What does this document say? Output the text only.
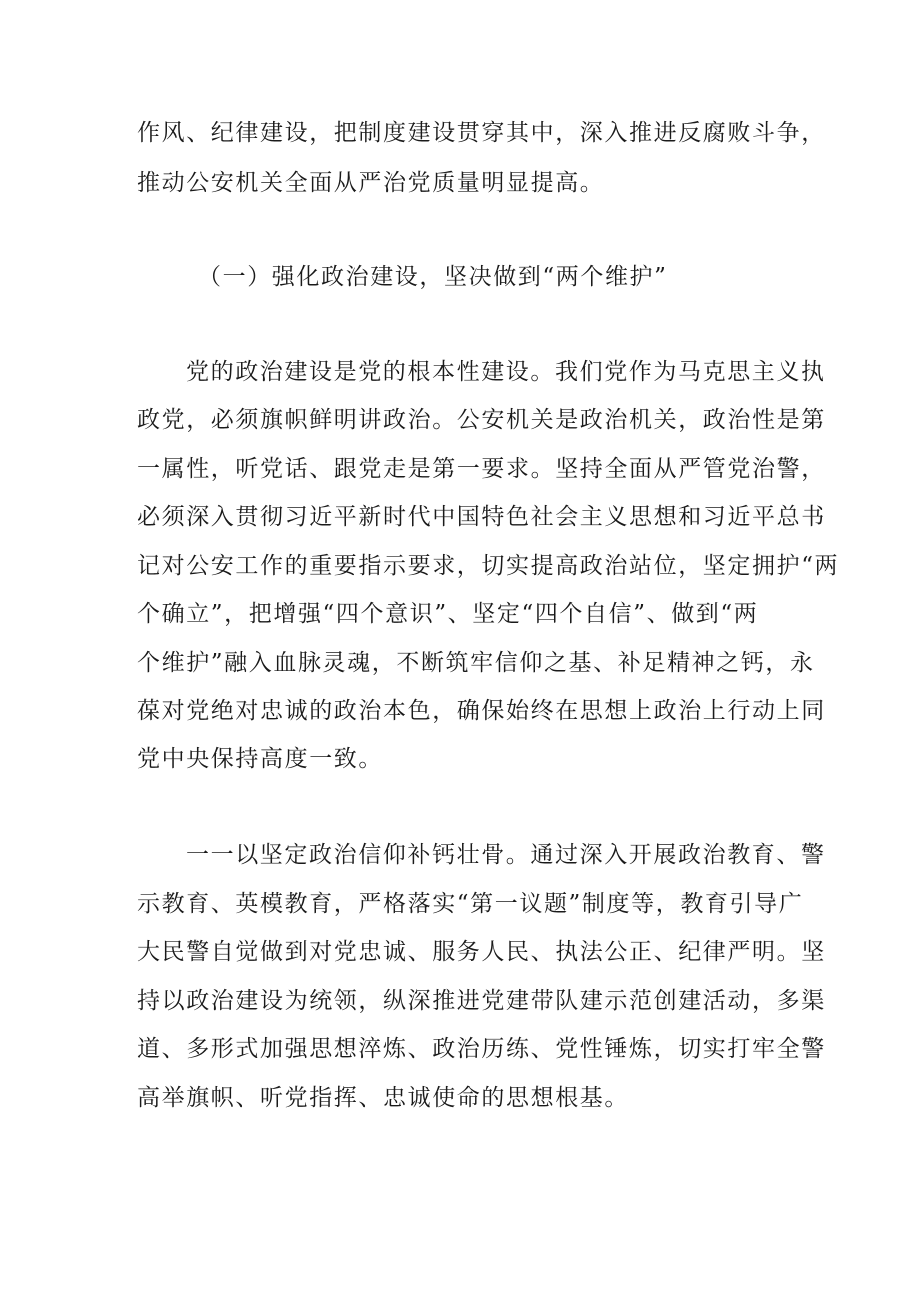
作风、纪律建设，把制度建设贯穿其中，深入推进反腐败斗争，
推动公安机关全面从严治党质量明显提高。
（一）强化政治建设，坚决做到“两个维护”
党的政治建设是党的根本性建设。我们党作为马克思主义执
政党，必须旗帜鲜明讲政治。公安机关是政治机关，政治性是第
一属性，听党话、跟党走是第一要求。坚持全面从严管党治警，
必须深入贯彻习近平新时代中国特色社会主义思想和习近平总书
记对公安工作的重要指示要求，切实提高政治站位，坚定拥护“两
个确立”，把增强“四个意识”、坚定“四个自信”、做到“两
个维护”融入血脉灵魂，不断筑牢信仰之基、补足精神之钙，永
葆对党绝对忠诚的政治本色，确保始终在思想上政治上行动上同
党中央保持高度一致。
一一以坚定政治信仰补钙壮骨。通过深入开展政治教育、警
示教育、英模教育，严格落实“第一议题”制度等，教育引导广
大民警自觉做到对党忠诚、服务人民、执法公正、纪律严明。坚
持以政治建设为统领，纵深推进党建带队建示范创建活动，多渠
道、多形式加强思想淬炼、政治历练、党性锤炼，切实打牢全警
高举旗帜、听党指挥、忠诚使命的思想根基。
